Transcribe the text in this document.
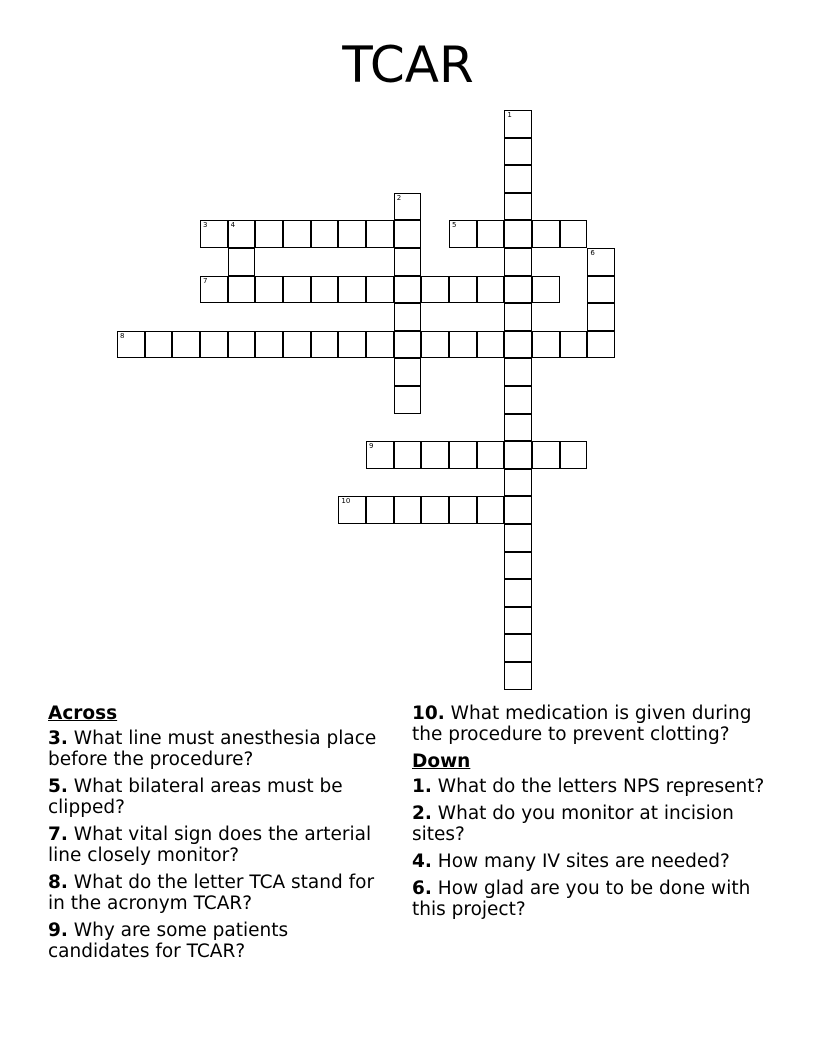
TCAR
1
2
3	4	5
6
7
8
9
10
Across
3. What line must anesthesia place before the procedure?
5. What bilateral areas must be clipped?
7. What vital sign does the arterial line closely monitor?
8. What do the letter TCA stand for in the acronym TCAR?
9. Why are some patients candidates for TCAR?
10. What medication is given during the procedure to prevent clotting?
Down
1. What do the letters NPS represent?
2. What do you monitor at incision sites?
4. How many IV sites are needed?
6. How glad are you to be done with this project?
